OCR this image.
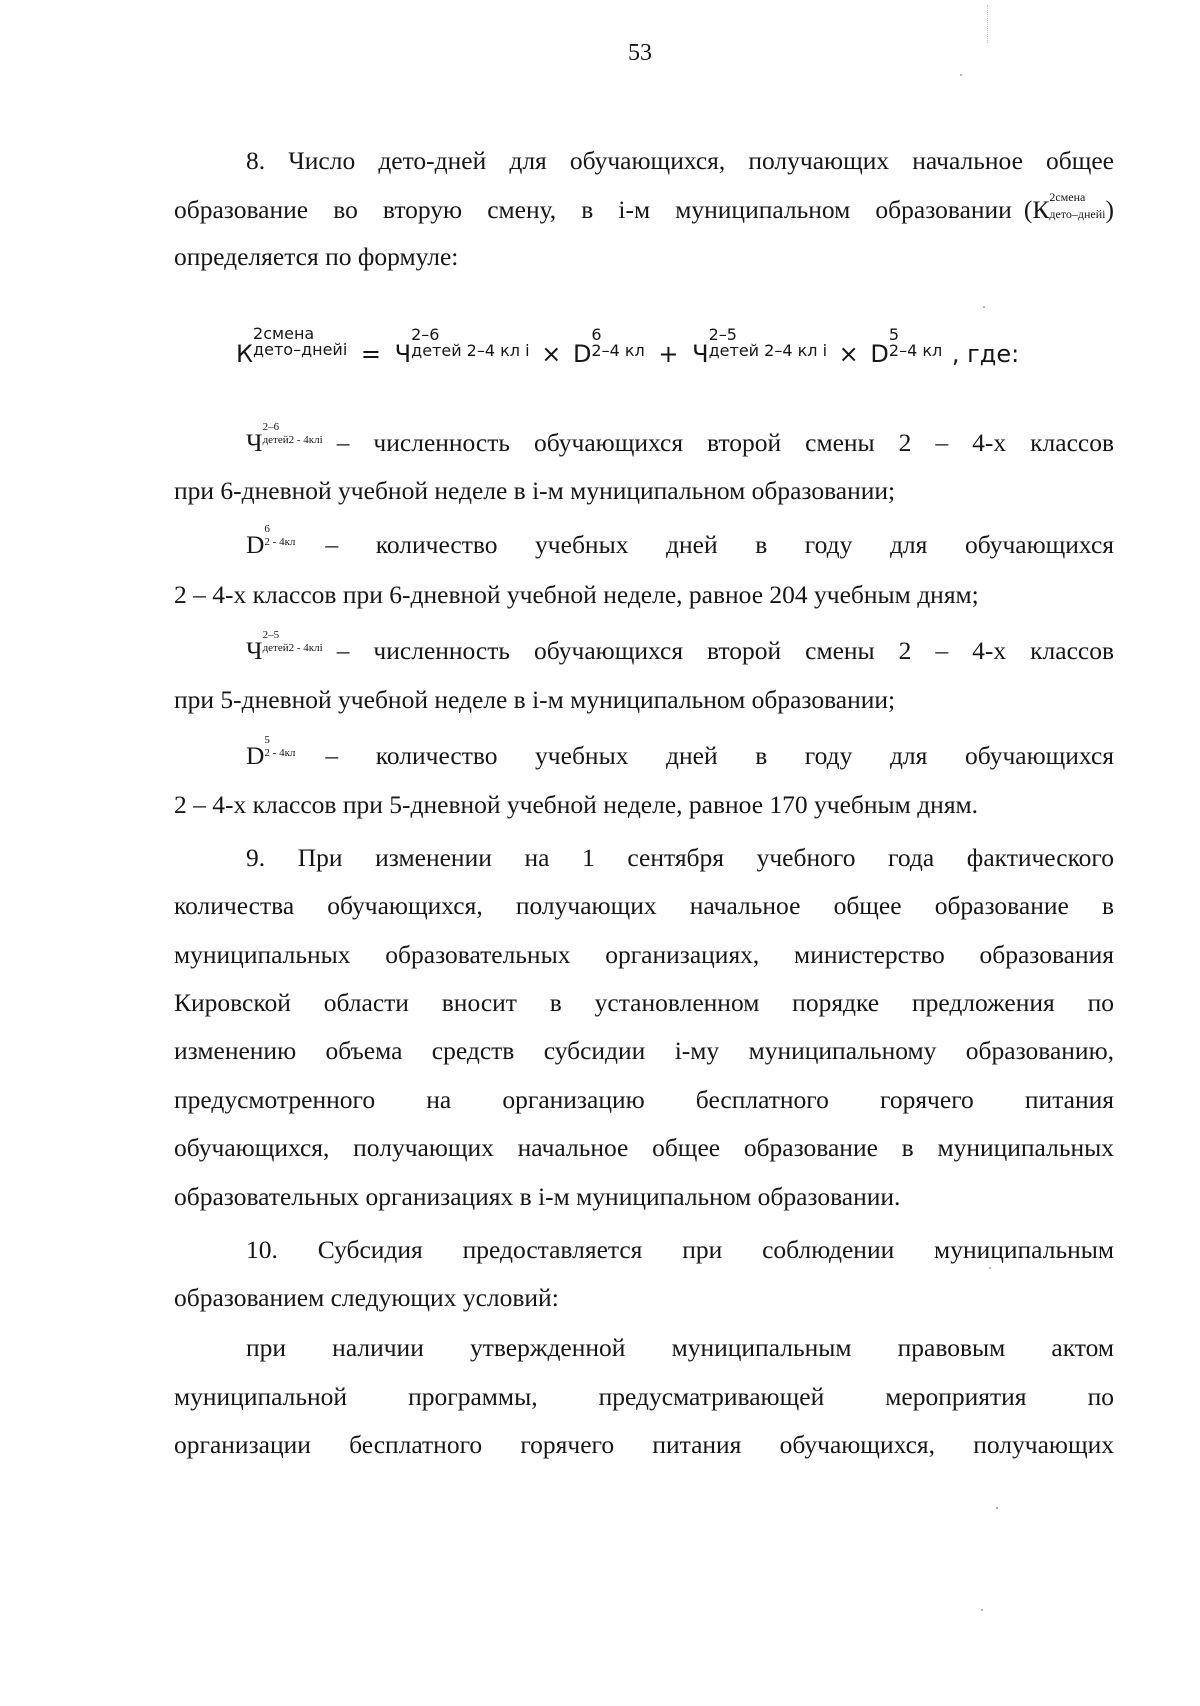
53
8. Число дето-дней для обучающихся, получающих начальное общее
образование во вторую смену, в i-м муниципальном образовании (К 2смена
дето–днейi )
определяется по формуле:
К
2смена
дето–днейi = Ч
2–6
детей 2–4 кл i × D
6
2–4 кл + Ч
2–5
детей 2–4 кл i × D
5
2–4 кл , где:
Ч
2–6
детей2 - 4клi – численность обучающихся второй смены 2 – 4-х классов
при 6-дневной учебной неделе в i-м муниципальном образовании;
D
6
2 - 4кл – количество учебных дней в году для обучающихся
2 – 4-х классов при 6-дневной учебной неделе, равное 204 учебным дням;
Ч
2–5
детей2 - 4клi – численность обучающихся второй смены 2 – 4-х классов
при 5-дневной учебной неделе в i-м муниципальном образовании;
D
5
2 - 4кл – количество учебных дней в году для обучающихся
2 – 4-х классов при 5-дневной учебной неделе, равное 170 учебным дням.
9. При изменении на 1 сентября учебного года фактического
количества обучающихся, получающих начальное общее образование в
муниципальных образовательных организациях, министерство образования
Кировской области вносит в установленном порядке предложения по
изменению объема средств субсидии i-му муниципальному образованию,
предусмотренного на организацию бесплатного горячего питания
обучающихся, получающих начальное общее образование в муниципальных
образовательных организациях в i-м муниципальном образовании.
10. Субсидия предоставляется при соблюдении муниципальным
образованием следующих условий:
при наличии утвержденной муниципальным правовым актом
муниципальной программы, предусматривающей мероприятия по
организации бесплатного горячего питания обучающихся, получающих
